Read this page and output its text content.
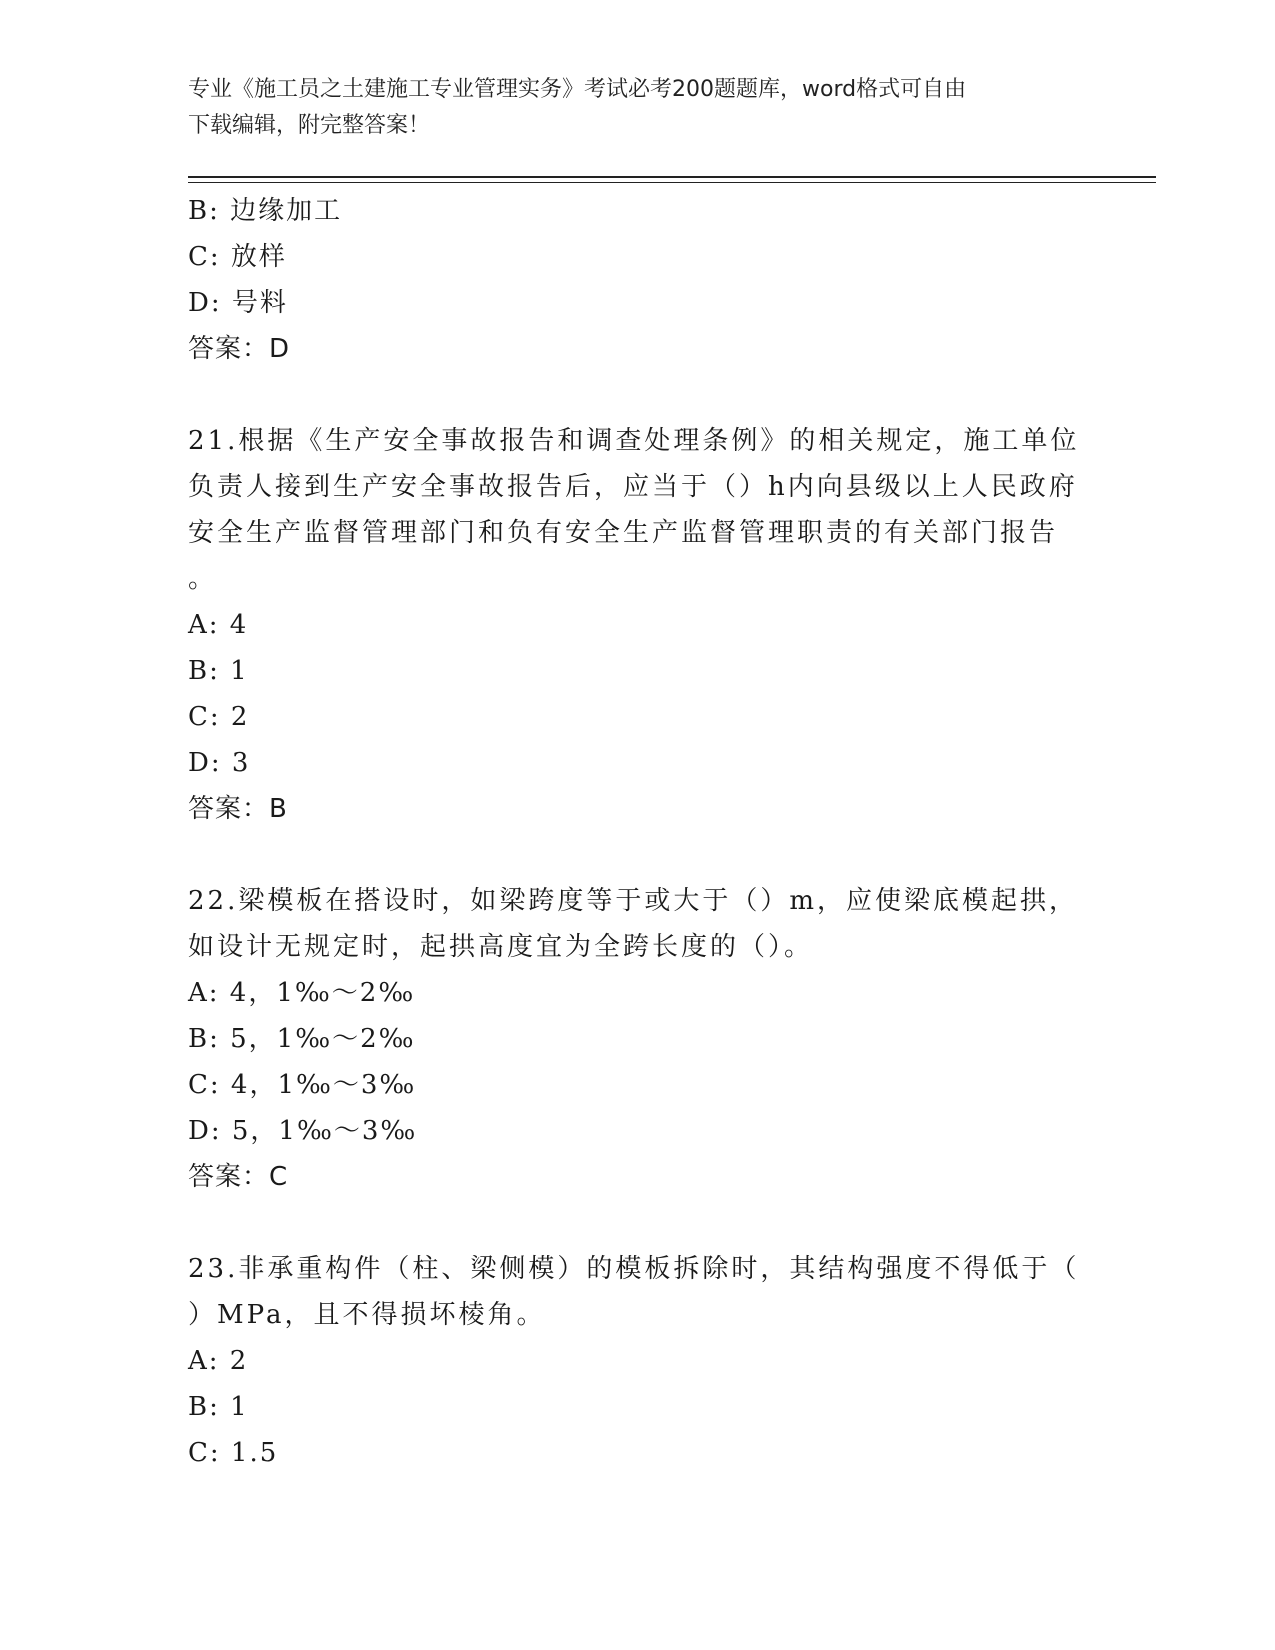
专业《施工员之土建施工专业管理实务》考试必考200题题库，word格式可自由
下载编辑，附完整答案！
B: 边缘加工
C: 放样
D: 号料
答案：D
21.根据《生产安全事故报告和调查处理条例》的相关规定，施工单位
负责人接到生产安全事故报告后，应当于（）h内向县级以上人民政府
安全生产监督管理部门和负有安全生产监督管理职责的有关部门报告
。
A: 4
B: 1
C: 2
D: 3
答案：B
22.梁模板在搭设时，如梁跨度等于或大于（）m，应使梁底模起拱，
如设计无规定时，起拱高度宜为全跨长度的（）。
A: 4，1‰～2‰
B: 5，1‰～2‰
C: 4，1‰～3‰
D: 5，1‰～3‰
答案：C
23.非承重构件（柱、梁侧模）的模板拆除时，其结构强度不得低于（
）MPa，且不得损坏棱角。
A: 2
B: 1
C: 1.5
